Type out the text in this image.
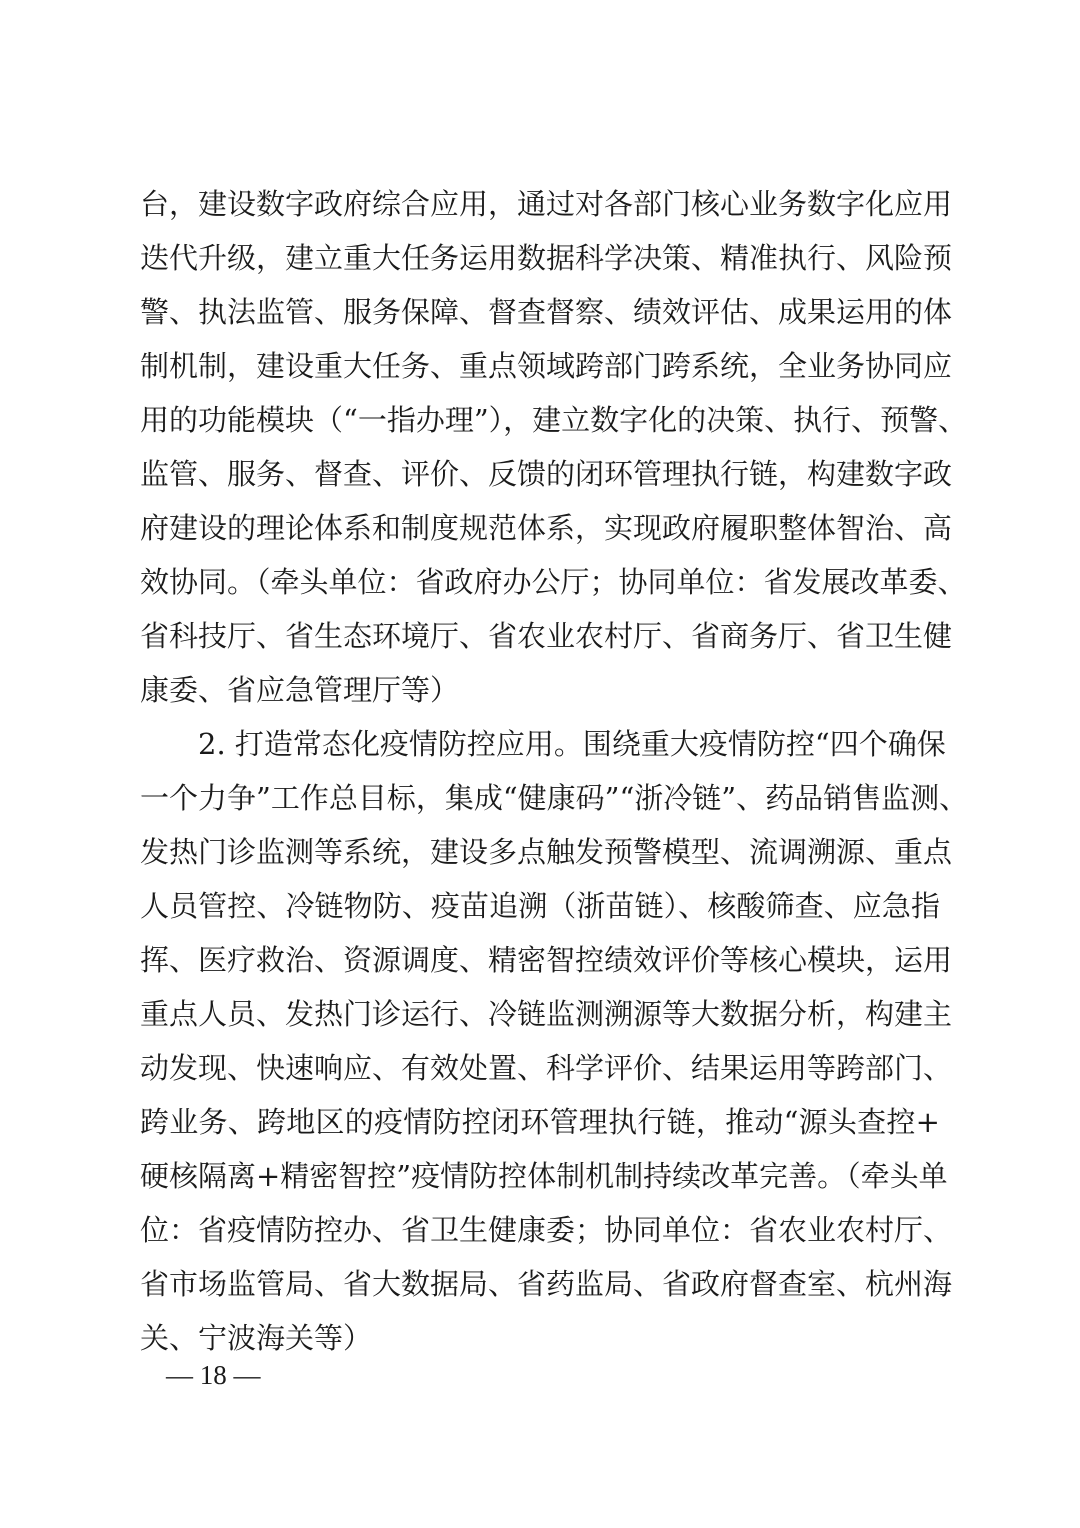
台，建设数字政府综合应用，通过对各部门核心业务数字化应用
迭代升级，建立重大任务运用数据科学决策、精准执行、风险预
警、执法监管、服务保障、督查督察、绩效评估、成果运用的体
制机制，建设重大任务、重点领域跨部门跨系统，全业务协同应
用的功能模块（“一指办理”），建立数字化的决策、执行、预警、
监管、服务、督查、评价、反馈的闭环管理执行链，构建数字政
府建设的理论体系和制度规范体系，实现政府履职整体智治、高
效协同。（牵头单位：省政府办公厅；协同单位：省发展改革委、
省科技厅、省生态环境厅、省农业农村厅、省商务厅、省卫生健
康委、省应急管理厅等）
2. 打造常态化疫情防控应用。围绕重大疫情防控“四个确保
一个力争”工作总目标，集成“健康码”“浙冷链”、药品销售监测、
发热门诊监测等系统，建设多点触发预警模型、流调溯源、重点
人员管控、冷链物防、疫苗追溯（浙苗链）、核酸筛查、应急指
挥、医疗救治、资源调度、精密智控绩效评价等核心模块，运用
重点人员、发热门诊运行、冷链监测溯源等大数据分析，构建主
动发现、快速响应、有效处置、科学评价、结果运用等跨部门、
跨业务、跨地区的疫情防控闭环管理执行链，推动“源头查控+
硬核隔离+精密智控”疫情防控体制机制持续改革完善。（牵头单
位：省疫情防控办、省卫生健康委；协同单位：省农业农村厅、
省市场监管局、省大数据局、省药监局、省政府督查室、杭州海
关、宁波海关等）
— 18 —
